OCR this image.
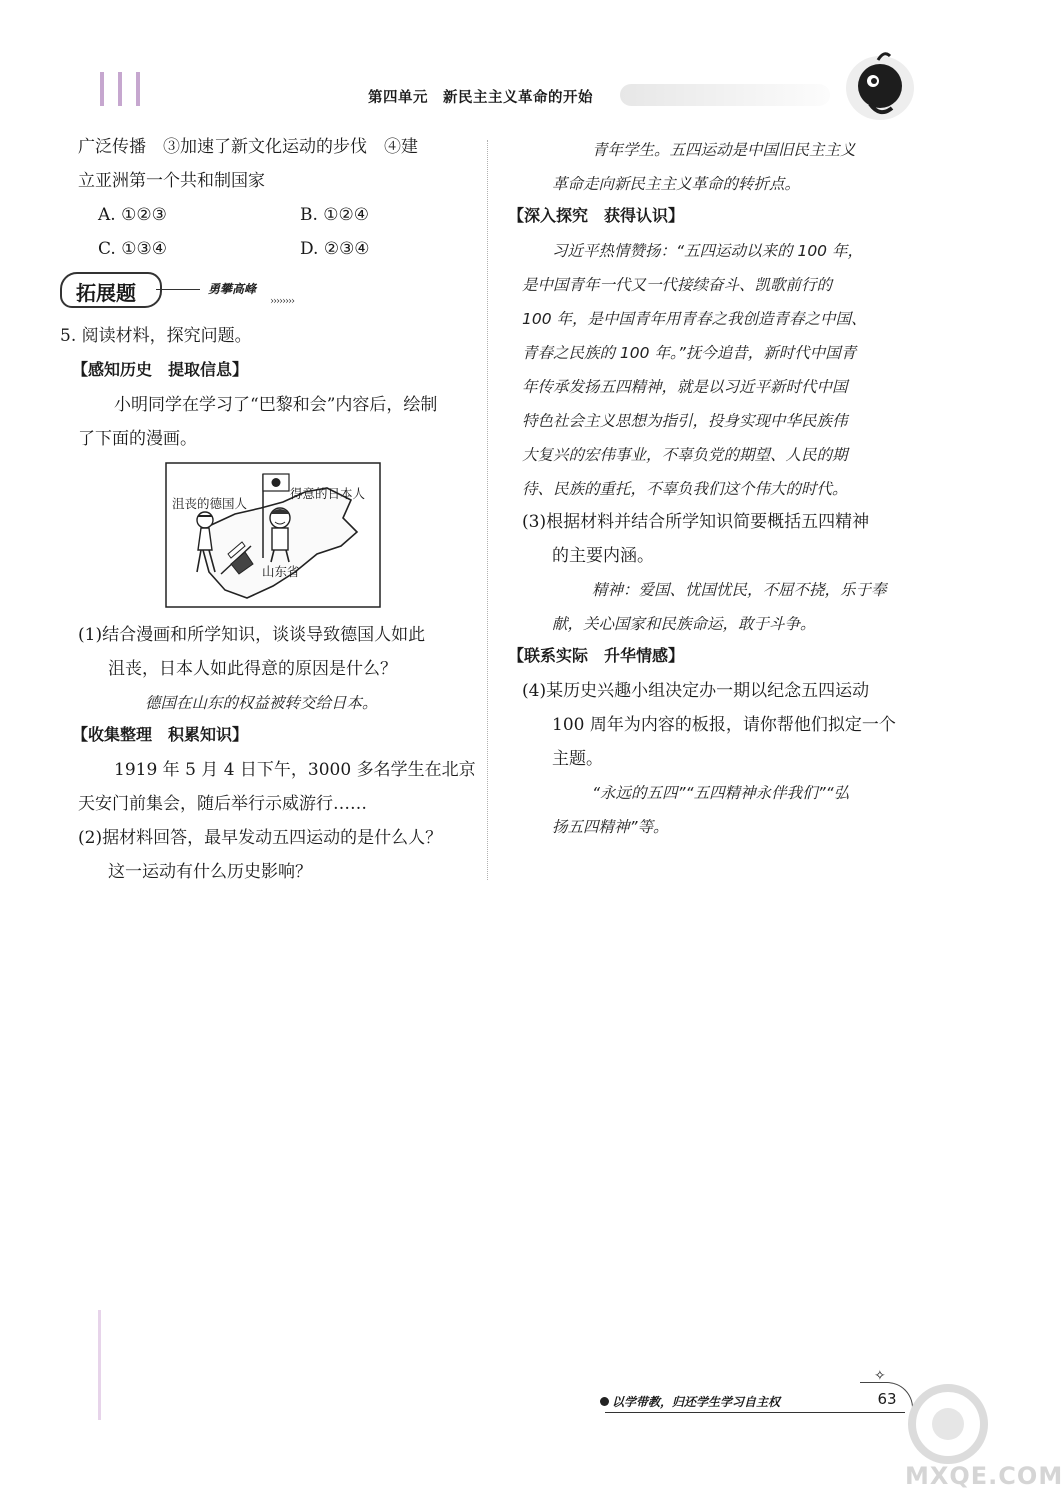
第四单元　新民主主义革命的开始
广泛传播　③加速了新文化运动的步伐　④建
立亚洲第一个共和制国家
A. ①②③	B. ①②④
C. ①③④	D. ②③④
拓展题	勇攀高峰
››››››››
5. 阅读材料，探究问题。
【感知历史　提取信息】
小明同学在学习了“巴黎和会”内容后，绘制
了下面的漫画。
沮丧的德国人
得意的日本人
山东省
(1)结合漫画和所学知识，谈谈导致德国人如此
沮丧，日本人如此得意的原因是什么？
德国在山东的权益被转交给日本。
【收集整理　积累知识】
1919 年 5 月 4 日下午，3000 多名学生在北京
天安门前集会，随后举行示威游行……
(2)据材料回答，最早发动五四运动的是什么人？
这一运动有什么历史影响？
青年学生。五四运动是中国旧民主主义
革命走向新民主主义革命的转折点。
【深入探究　获得认识】
习近平热情赞扬：“五四运动以来的 100 年，
是中国青年一代又一代接续奋斗、凯歌前行的
100 年，是中国青年用青春之我创造青春之中国、
青春之民族的 100 年。”抚今追昔，新时代中国青
年传承发扬五四精神，就是以习近平新时代中国
特色社会主义思想为指引，投身实现中华民族伟
大复兴的宏伟事业，不辜负党的期望、人民的期
待、民族的重托，不辜负我们这个伟大的时代。
(3)根据材料并结合所学知识简要概括五四精神
的主要内涵。
精神：爱国、忧国忧民，不屈不挠，乐于奉
献，关心国家和民族命运，敢于斗争。
【联系实际　升华情感】
(4)某历史兴趣小组决定办一期以纪念五四运动
100 周年为内容的板报，请你帮他们拟定一个
主题。
“永远的五四”“五四精神永伴我们”“弘
扬五四精神”等。
以学带教，归还学生学习自主权
✧
63
MXQE.COM
